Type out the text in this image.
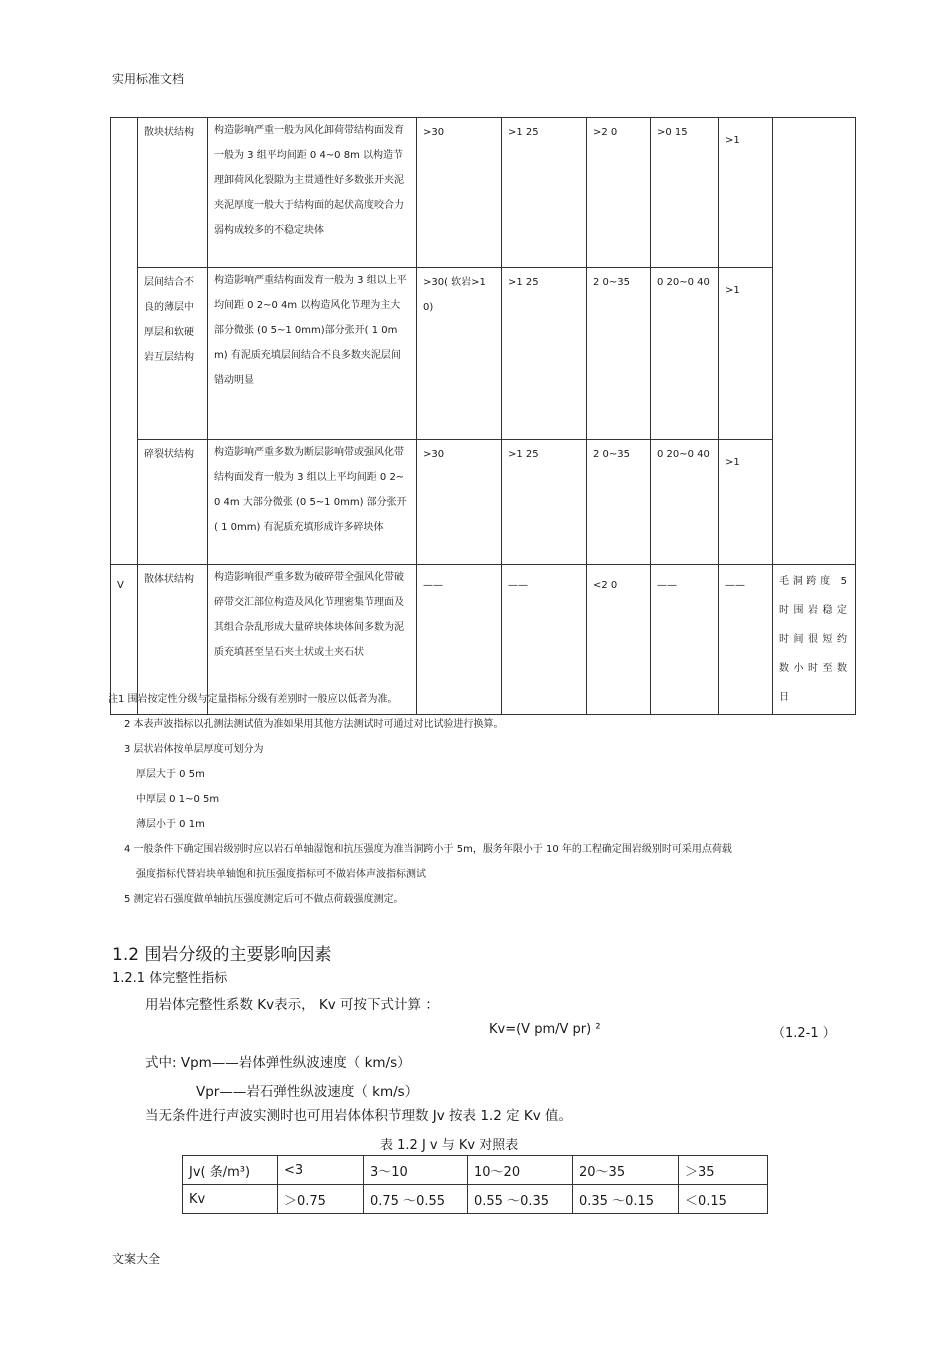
实用标准文档
	散块状结构	构造影响严重一般为风化卸荷带结构面发育一般为 3 组平均间距 0 4~0 8m 以构造节理卸荷风化裂隙为主贯通性好多数张开夹泥夹泥厚度一般大于结构面的起伏高度咬合力弱构成较多的不稳定块体	>30	>1 25	>2 0	>0 15	>1	
	层间结合不良的薄层中厚层和软硬岩互层结构	构造影响严重结构面发育一般为 3 组以上平均间距 0 2~0 4m 以构造风化节理为主大部分微张 (0 5~1 0mm)部分张开( 1 0mm) 有泥质充填层间结合不良多数夹泥层间错动明显	>30( 软岩>10)	>1 25	2 0~35	0 20~0 40	>1	
	碎裂状结构	构造影响严重多数为断层影响带或强风化带结构面发育一般为 3 组以上平均间距 0 2~0 4m 大部分微张 (0 5~1 0mm) 部分张开 ( 1 0mm) 有泥质充填形成许多碎块体	>30	>1 25	2 0~35	0 20~0 40	>1	
Ⅴ	散体状结构	构造影响很严重多数为破碎带全强风化带破碎带交汇部位构造及风化节理密集节理面及其组合杂乱形成大量碎块体块体间多数为泥质充填甚至呈石夹土状或土夹石状	——	——	<2 0	——	——	毛洞跨度 5 时围岩稳定时间很短约数小时至数日
注1 围岩按定性分级与定量指标分级有差别时一般应以低者为准。
2 本表声波指标以孔测法测试值为准如果用其他方法测试时可通过对比试验进行换算。
3 层状岩体按单层厚度可划分为
厚层大于 0 5m
中厚层 0 1~0 5m
薄层小于 0 1m
4 一般条件下确定围岩级别时应以岩石单轴湿饱和抗压强度为准当洞跨小于 5m，服务年限小于 10 年的工程确定围岩级别时可采用点荷载
强度指标代替岩块单轴饱和抗压强度指标可不做岩体声波指标测试
5 测定岩石强度做单轴抗压强度测定后可不做点荷载强度测定。
1.2 围岩分级的主要影响因素
1.2.1 体完整性指标
用岩体完整性系数 Kv表示， Kv 可按下式计算 ：
Kv=(V pm/V pr) ²	（1.2-1 ）
式中: Vpm——岩体弹性纵波速度（ km/s）
Vpr——岩石弹性纵波速度（ km/s）
当无条件进行声波实测时也可用岩体体积节理数 Jv 按表 1.2 定 Kv 值。
表 1.2 J v 与 Kv 对照表
Jv( 条/m³)	<3	3～10	10～20	20～35	＞35
Kv	＞0.75	0.75 ～0.55	0.55 ～0.35	0.35 ～0.15	＜0.15
文案大全
